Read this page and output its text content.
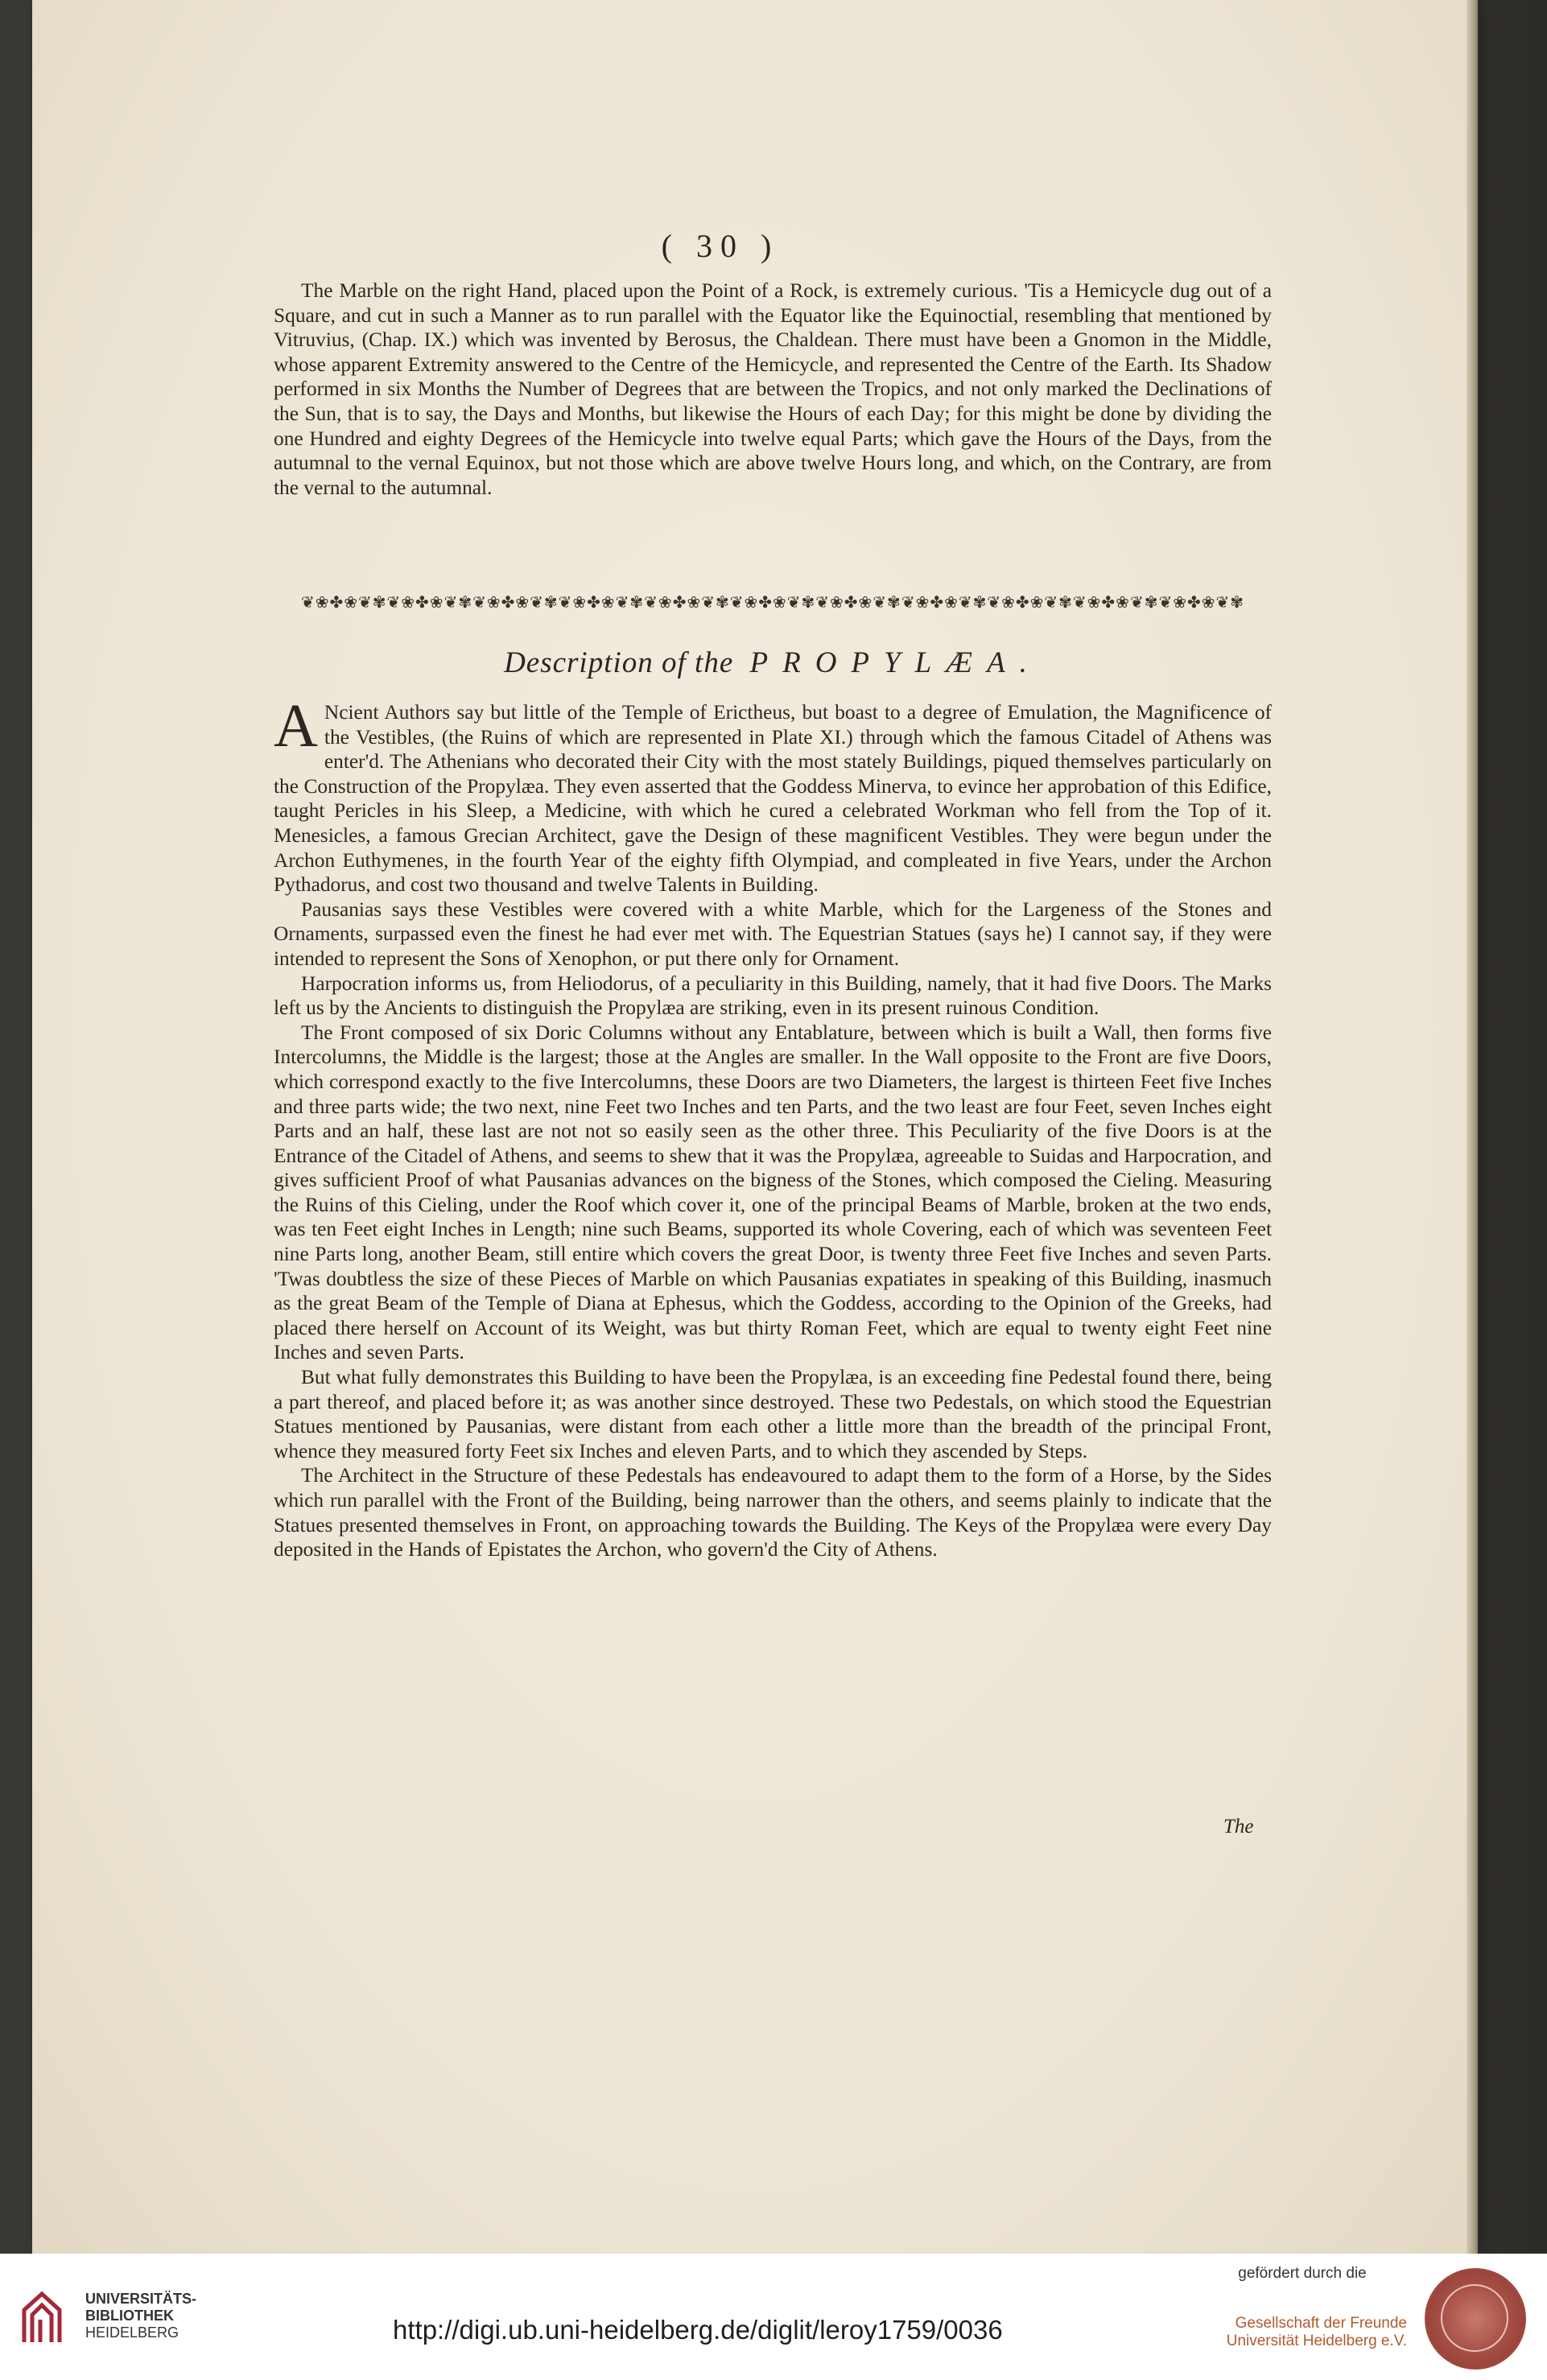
( 30 )

The Marble on the right Hand, placed upon the Point of a Rock, is extremely curious. 'Tis a Hemicycle dug out of a Square, and cut in such a Manner as to run parallel with the Equator like the Equinoctial, resembling that mentioned by Vitruvius, (Chap. IX.) which was invented by Berosus, the Chaldean. There must have been a Gnomon in the Middle, whose apparent Extremity answered to the Centre of the Hemicycle, and represented the Centre of the Earth. Its Shadow performed in six Months the Number of Degrees that are between the Tropics, and not only marked the Declinations of the Sun, that is to say, the Days and Months, but likewise the Hours of each Day; for this might be done by dividing the one Hundred and eighty Degrees of the Hemicycle into twelve equal Parts; which gave the Hours of the Days, from the autumnal to the vernal Equinox, but not those which are above twelve Hours long, and which, on the Contrary, are from the vernal to the autumnal.

❦❀✤❀❦✾❦❀✤❀❦✾❦❀✤❀❦✾❦❀✤❀❦✾❦❀✤❀❦✾❦❀✤❀❦✾❦❀✤❀❦✾❦❀✤❀❦✾❦❀✤❀❦✾❦❀✤❀❦✾❦❀✤❀❦✾
Description of the PROPYLÆA.

A Ncient Authors say but little of the Temple of Erictheus, but boast to a degree of Emulation, the Magnificence of the Vestibles, (the Ruins of which are represented in Plate XI.) through which the famous Citadel of Athens was enter'd. The Athenians who decorated their City with the most stately Buildings, piqued themselves particularly on the Construction of the Propylæa. They even asserted that the Goddess Minerva, to evince her approbation of this Edifice, taught Pericles in his Sleep, a Medicine, with which he cured a celebrated Workman who fell from the Top of it. Menesicles, a famous Grecian Architect, gave the Design of these magnificent Vestibles. They were begun under the Archon Euthymenes, in the fourth Year of the eighty fifth Olympiad, and compleated in five Years, under the Archon Pythadorus, and cost two thousand and twelve Talents in Building.

Pausanias says these Vestibles were covered with a white Marble, which for the Largeness of the Stones and Ornaments, surpassed even the finest he had ever met with. The Equestrian Statues (says he) I cannot say, if they were intended to represent the Sons of Xenophon, or put there only for Ornament.

Harpocration informs us, from Heliodorus, of a peculiarity in this Building, namely, that it had five Doors. The Marks left us by the Ancients to distinguish the Propylæa are striking, even in its present ruinous Condition.

The Front composed of six Doric Columns without any Entablature, between which is built a Wall, then forms five Intercolumns, the Middle is the largest; those at the Angles are smaller. In the Wall opposite to the Front are five Doors, which correspond exactly to the five Intercolumns, these Doors are two Diameters, the largest is thirteen Feet five Inches and three parts wide; the two next, nine Feet two Inches and ten Parts, and the two least are four Feet, seven Inches eight Parts and an half, these last are not not so easily seen as the other three. This Peculiarity of the five Doors is at the Entrance of the Citadel of Athens, and seems to shew that it was the Propylæa, agreeable to Suidas and Harpocration, and gives sufficient Proof of what Pausanias advances on the bigness of the Stones, which composed the Cieling. Measuring the Ruins of this Cieling, under the Roof which cover it, one of the principal Beams of Marble, broken at the two ends, was ten Feet eight Inches in Length; nine such Beams, supported its whole Covering, each of which was seventeen Feet nine Parts long, another Beam, still entire which covers the great Door, is twenty three Feet five Inches and seven Parts. 'Twas doubtless the size of these Pieces of Marble on which Pausanias expatiates in speaking of this Building, inasmuch as the great Beam of the Temple of Diana at Ephesus, which the Goddess, according to the Opinion of the Greeks, had placed there herself on Account of its Weight, was but thirty Roman Feet, which are equal to twenty eight Feet nine Inches and seven Parts.

But what fully demonstrates this Building to have been the Propylæa, is an exceeding fine Pedestal found there, being a part thereof, and placed before it; as was another since destroyed. These two Pedestals, on which stood the Equestrian Statues mentioned by Pausanias, were distant from each other a little more than the breadth of the principal Front, whence they measured forty Feet six Inches and eleven Parts, and to which they ascended by Steps.

The Architect in the Structure of these Pedestals has endeavoured to adapt them to the form of a Horse, by the Sides which run parallel with the Front of the Building, being narrower than the others, and seems plainly to indicate that the Statues presented themselves in Front, on approaching towards the Building. The Keys of the Propylæa were every Day deposited in the Hands of Epistates the Archon, who govern'd the City of Athens.

The
UNIVERSITÄTS-
BIBLIOTHEK
HEIDELBERG	http://digi.ub.uni-heidelberg.de/diglit/leroy1759/0036
gefördert durch die
Gesellschaft der Freunde
Universität Heidelberg e.V.
